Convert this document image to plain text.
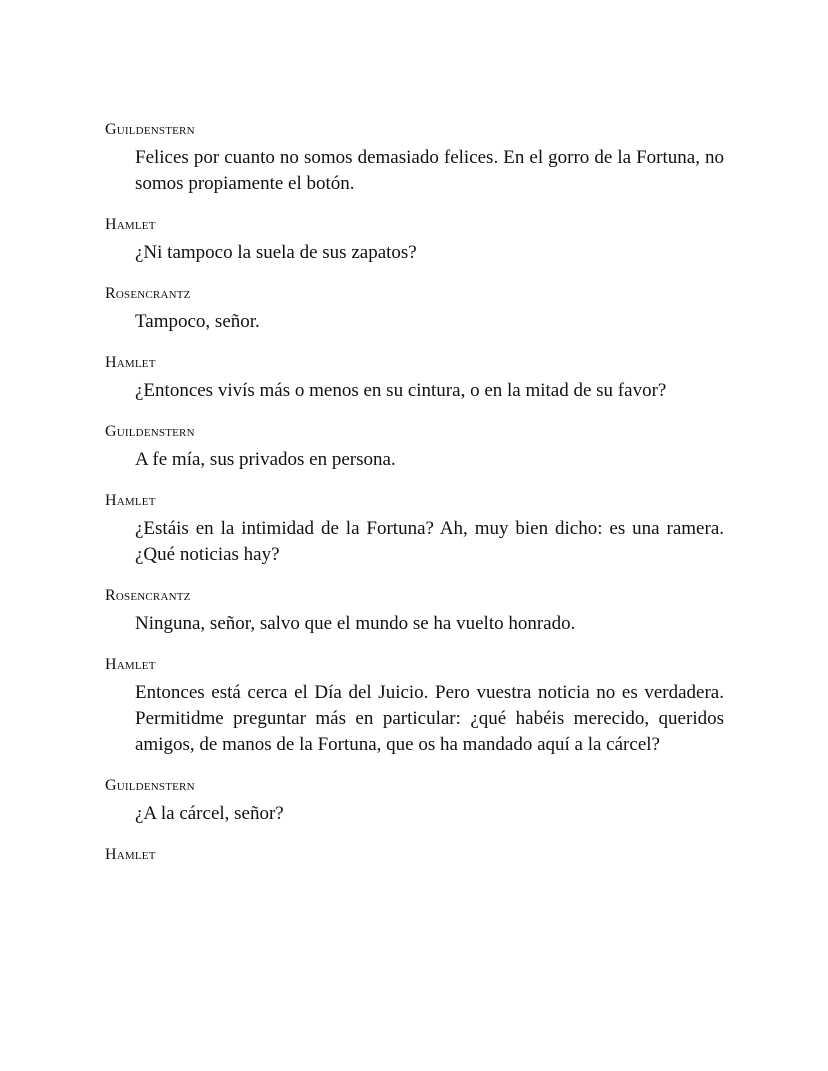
Guildenstern
Felices por cuanto no somos demasiado felices. En el gorro de la Fortuna, no somos propiamente el botón.
Hamlet
¿Ni tampoco la suela de sus zapatos?
Rosencrantz
Tampoco, señor.
Hamlet
¿Entonces vivís más o menos en su cintura, o en la mitad de su favor?
Guildenstern
A fe mía, sus privados en persona.
Hamlet
¿Estáis en la intimidad de la Fortuna? Ah, muy bien dicho: es una ramera. ¿Qué noticias hay?
Rosencrantz
Ninguna, señor, salvo que el mundo se ha vuelto honrado.
Hamlet
Entonces está cerca el Día del Juicio. Pero vuestra noticia no es verdadera. Permitidme preguntar más en particular: ¿qué habéis merecido, queridos amigos, de manos de la Fortuna, que os ha mandado aquí a la cárcel?
Guildenstern
¿A la cárcel, señor?
Hamlet
